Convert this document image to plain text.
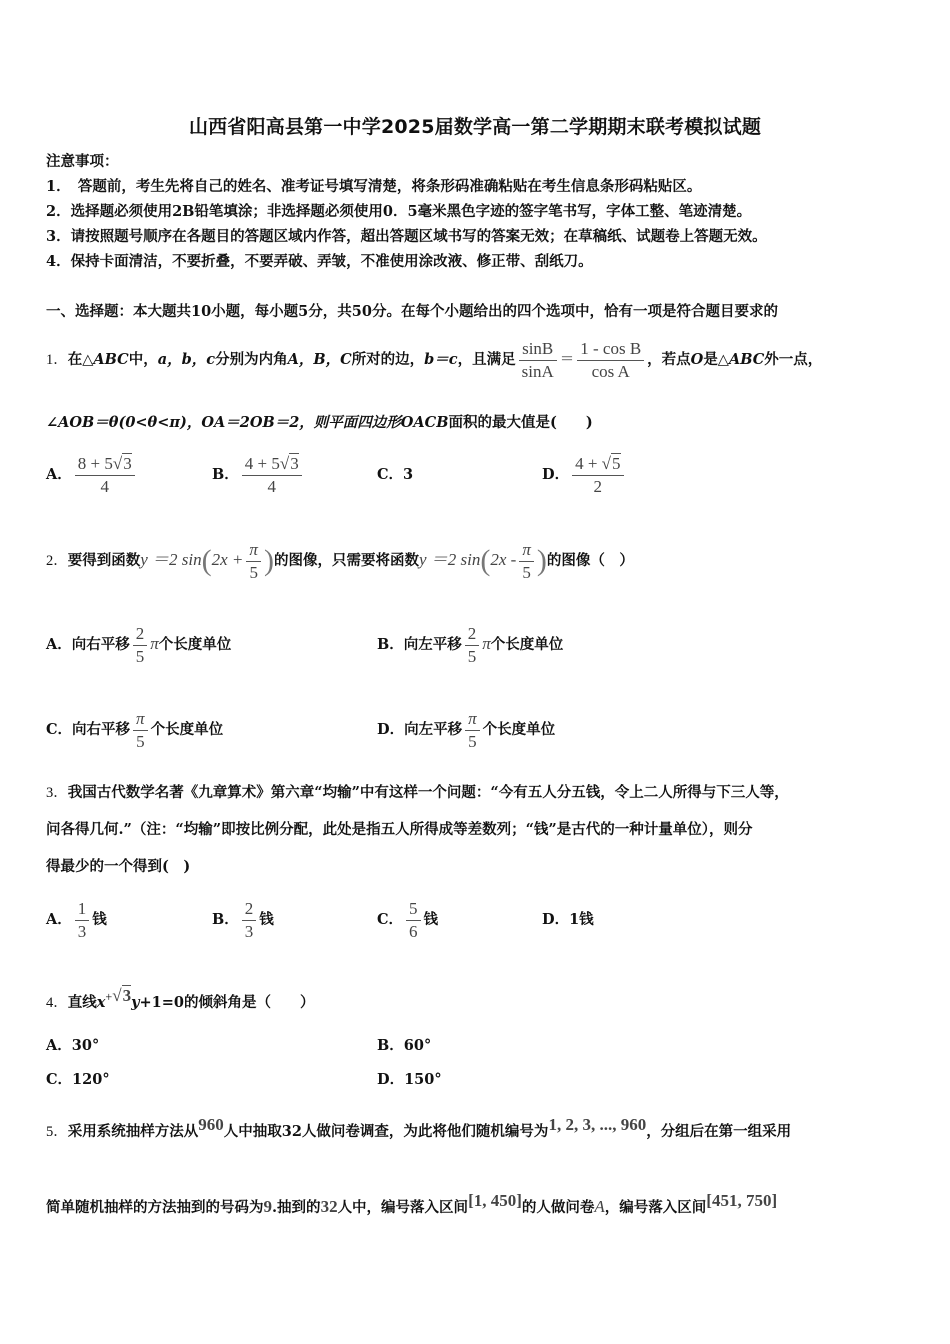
山西省阳高县第一中学2025届数学高一第二学期期末联考模拟试题
注意事项：
1．　答题前，考生先将自己的姓名、准考证号填写清楚，将条形码准确粘贴在考生信息条形码粘贴区。
2．选择题必须使用2B铅笔填涂；非选择题必须使用0．5毫米黑色字迹的签字笔书写，字体工整、笔迹清楚。
3．请按照题号顺序在各题目的答题区域内作答，超出答题区域书写的答案无效；在草稿纸、试题卷上答题无效。
4．保持卡面清洁，不要折叠，不要弄破、弄皱，不准使用涂改液、修正带、刮纸刀。
一、选择题：本大题共10小题，每小题5分，共50分。在每个小题给出的四个选项中，恰有一项是符合题目要求的
1．在△ABC中，a，b，c分别为内角A，B，C所对的边，b＝c，且满足 $\frac{\sin B}{\sin A} = \frac{\text{1 - cos B}}{\text{cos A}}$ ，若点O是△ABC外一点，
∠AOB＝θ(0<θ<π)，OA＝2OB＝2，则平面四边形OACB面积的最大值是(　　)
A． $\frac{8 + 5√3}{4}$	B． $\frac{4 + 5√3}{4}$	C．3	D． $\frac{4 + √5}{2}$
2．要得到函数y ＝2 $\sin(2x + \frac{\pi}{5}$ )的图像，只需要将函数y ＝2 $\sin(2x - \frac{\pi}{5}$ )的图像（　）
A．向右平移 $\frac{2}{5}$ π个长度单位	B．向左平移 $\frac{2}{5}$ π个长度单位
C．向右平移 $\frac{\pi}{5}$ 个长度单位	D．向左平移 $\frac{\pi}{5}$ 个长度单位
3．我国古代数学名著《九章算术》第六章“均输”中有这样一个问题：“今有五人分五钱，令上二人所得与下三人等，
问各得几何.”（注：“均输”即按比例分配，此处是指五人所得成等差数列；“钱”是古代的一种计量单位），则分
得最少的一个得到(　)
A． $\frac{1}{3}$ 钱	B． $\frac{2}{3}$ 钱	C． $\frac{5}{6}$ 钱	D．1钱
4．直线$x^{+√3}y+1=0$的倾斜角是（　　）
A．30°	B．60°
C．120°	D．150°
5．采用系统抽样方法从$^{960}$人中抽取32人做问卷调查，为此将他们随机编号为$^{1, 2, 3, ..., 960}$，分组后在第一组采用
简单随机抽样的方法抽到的号码为9.抽到的32人中，编号落入区间[1, 450]的人做问卷A，编号落入区间[451, 750]
